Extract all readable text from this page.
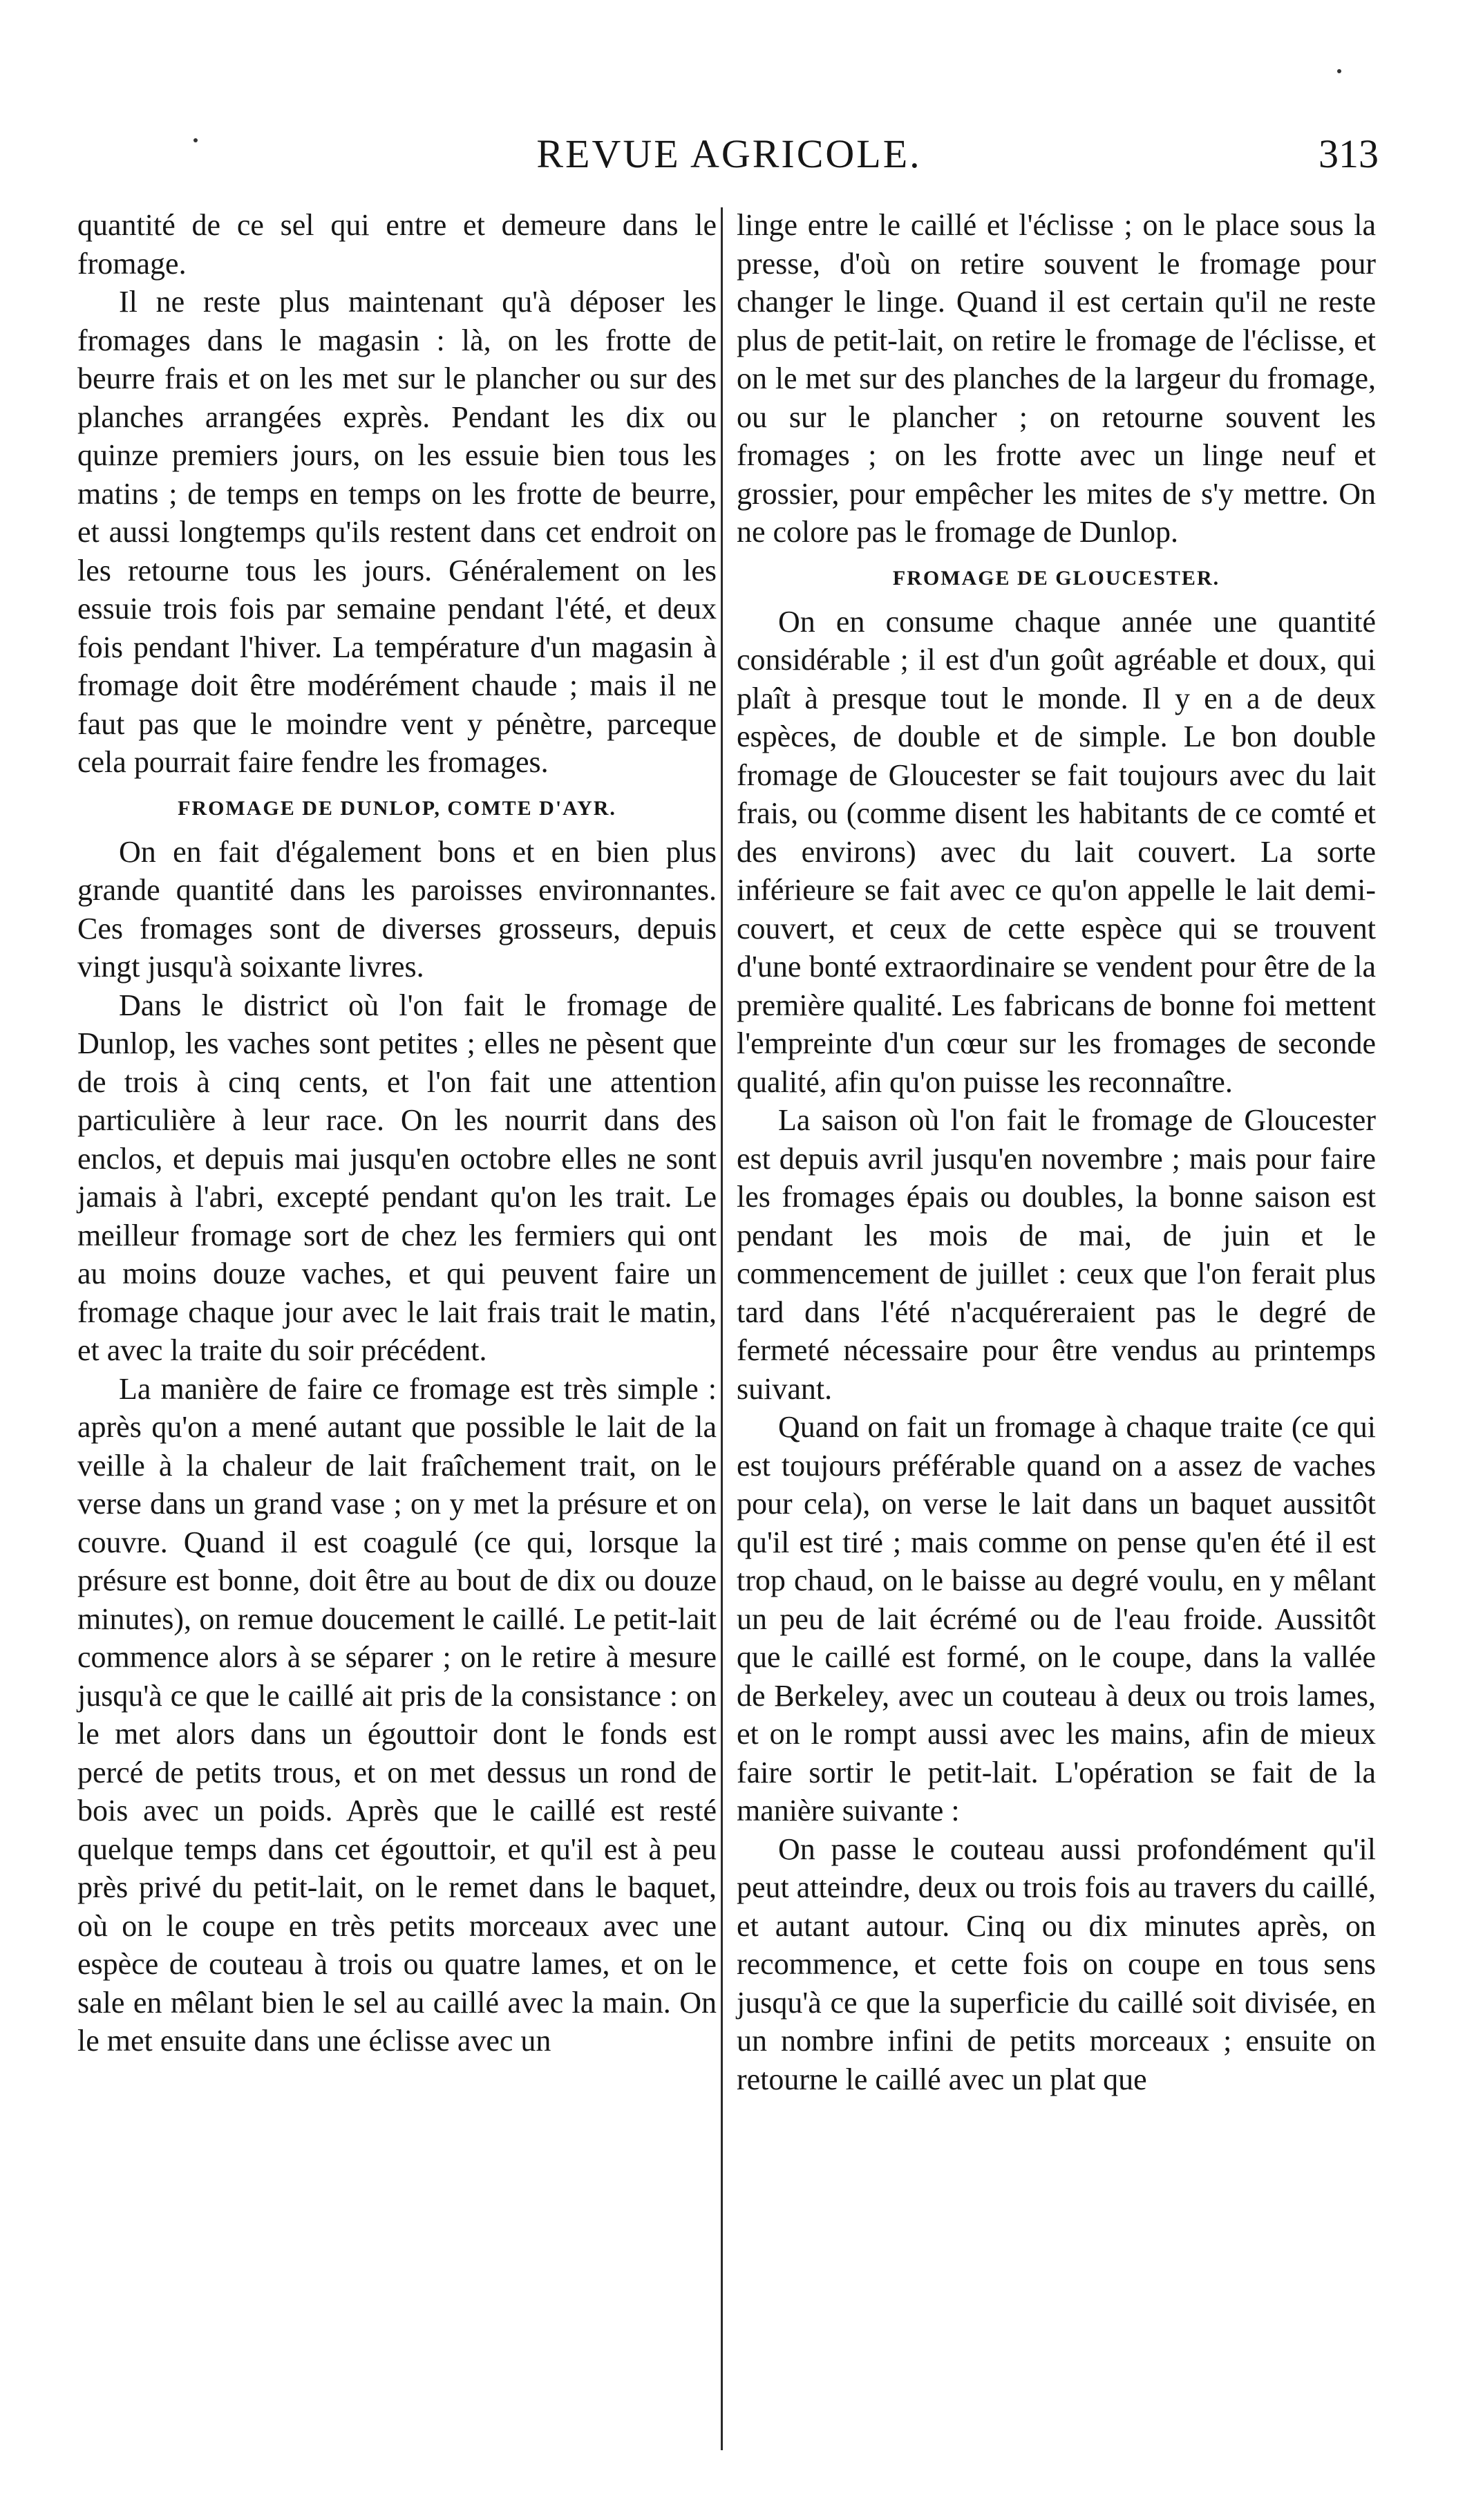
REVUE AGRICOLE.	313

quantité de ce sel qui entre et demeure dans le fromage.

Il ne reste plus maintenant qu'à déposer les fromages dans le magasin : là, on les frotte de beurre frais et on les met sur le plancher ou sur des planches arrangées exprès. Pendant les dix ou quinze premiers jours, on les essuie bien tous les matins ; de temps en temps on les frotte de beurre, et aussi longtemps qu'ils restent dans cet endroit on les retourne tous les jours. Généralement on les essuie trois fois par semaine pendant l'été, et deux fois pendant l'hiver. La température d'un magasin à fromage doit être modérément chaude ; mais il ne faut pas que le moindre vent y pénètre, parceque cela pourrait faire fendre les fromages.

FROMAGE DE DUNLOP, COMTE D'AYR.

On en fait d'également bons et en bien plus grande quantité dans les paroisses environnantes. Ces fromages sont de diverses grosseurs, depuis vingt jusqu'à soixante livres.

Dans le district où l'on fait le fromage de Dunlop, les vaches sont petites ; elles ne pèsent que de trois à cinq cents, et l'on fait une attention particulière à leur race. On les nourrit dans des enclos, et depuis mai jusqu'en octobre elles ne sont jamais à l'abri, excepté pendant qu'on les trait. Le meilleur fromage sort de chez les fermiers qui ont au moins douze vaches, et qui peuvent faire un fromage chaque jour avec le lait frais trait le matin, et avec la traite du soir précédent.

La manière de faire ce fromage est très simple : après qu'on a mené autant que possible le lait de la veille à la chaleur de lait fraîchement trait, on le verse dans un grand vase ; on y met la présure et on couvre. Quand il est coagulé (ce qui, lorsque la présure est bonne, doit être au bout de dix ou douze minutes), on remue doucement le caillé. Le petit-lait commence alors à se séparer ; on le retire à mesure jusqu'à ce que le caillé ait pris de la consistance : on le met alors dans un égouttoir dont le fonds est percé de petits trous, et on met dessus un rond de bois avec un poids. Après que le caillé est resté quelque temps dans cet égouttoir, et qu'il est à peu près privé du petit-lait, on le remet dans le baquet, où on le coupe en très petits morceaux avec une espèce de couteau à trois ou quatre lames, et on le sale en mêlant bien le sel au caillé avec la main. On le met ensuite dans une éclisse avec un

linge entre le caillé et l'éclisse ; on le place sous la presse, d'où on retire souvent le fromage pour changer le linge. Quand il est certain qu'il ne reste plus de petit-lait, on retire le fromage de l'éclisse, et on le met sur des planches de la largeur du fromage, ou sur le plancher ; on retourne souvent les fromages ; on les frotte avec un linge neuf et grossier, pour empêcher les mites de s'y mettre. On ne colore pas le fromage de Dunlop.

FROMAGE DE GLOUCESTER.

On en consume chaque année une quantité considérable ; il est d'un goût agréable et doux, qui plaît à presque tout le monde. Il y en a de deux espèces, de double et de simple. Le bon double fromage de Gloucester se fait toujours avec du lait frais, ou (comme disent les habitants de ce comté et des environs) avec du lait couvert. La sorte inférieure se fait avec ce qu'on appelle le lait demi-couvert, et ceux de cette espèce qui se trouvent d'une bonté extraordinaire se vendent pour être de la première qualité. Les fabricans de bonne foi mettent l'empreinte d'un cœur sur les fromages de seconde qualité, afin qu'on puisse les reconnaître.

La saison où l'on fait le fromage de Gloucester est depuis avril jusqu'en novembre ; mais pour faire les fromages épais ou doubles, la bonne saison est pendant les mois de mai, de juin et le commencement de juillet : ceux que l'on ferait plus tard dans l'été n'acquéreraient pas le degré de fermeté nécessaire pour être vendus au printemps suivant.

Quand on fait un fromage à chaque traite (ce qui est toujours préférable quand on a assez de vaches pour cela), on verse le lait dans un baquet aussitôt qu'il est tiré ; mais comme on pense qu'en été il est trop chaud, on le baisse au degré voulu, en y mêlant un peu de lait écrémé ou de l'eau froide. Aussitôt que le caillé est formé, on le coupe, dans la vallée de Berkeley, avec un couteau à deux ou trois lames, et on le rompt aussi avec les mains, afin de mieux faire sortir le petit-lait. L'opération se fait de la manière suivante :

On passe le couteau aussi profondément qu'il peut atteindre, deux ou trois fois au travers du caillé, et autant autour. Cinq ou dix minutes après, on recommence, et cette fois on coupe en tous sens jusqu'à ce que la superficie du caillé soit divisée, en un nombre infini de petits morceaux ; ensuite on retourne le caillé avec un plat que
